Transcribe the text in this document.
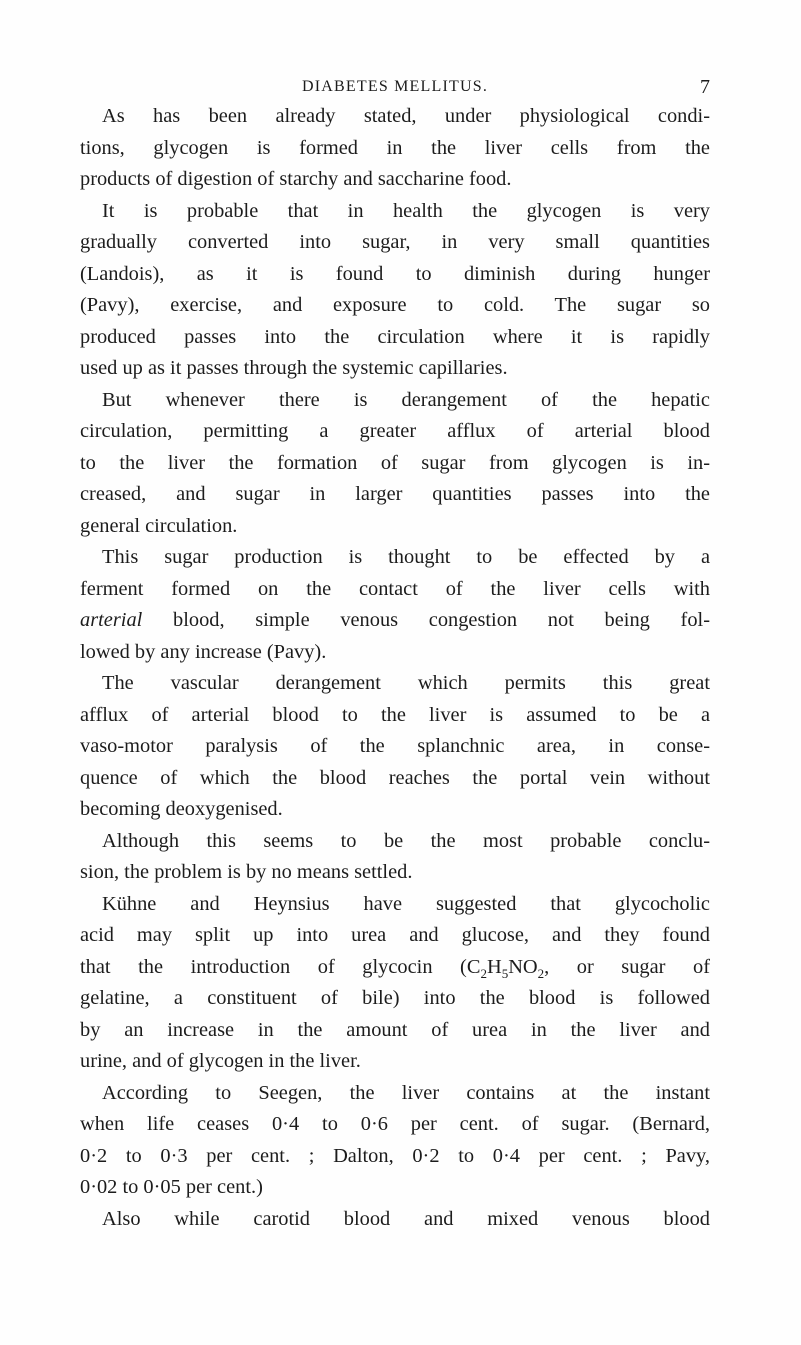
DIABETES MELLITUS.	7
As has been already stated, under physiological condi-
tions, glycogen is formed in the liver cells from the
products of digestion of starchy and saccharine food.
It is probable that in health the glycogen is very
gradually converted into sugar, in very small quantities
(Landois), as it is found to diminish during hunger
(Pavy), exercise, and exposure to cold. The sugar so
produced passes into the circulation where it is rapidly
used up as it passes through the systemic capillaries.
But whenever there is derangement of the hepatic
circulation, permitting a greater afflux of arterial blood
to the liver the formation of sugar from glycogen is in-
creased, and sugar in larger quantities passes into the
general circulation.
This sugar production is thought to be effected by a
ferment formed on the contact of the liver cells with
arterial blood, simple venous congestion not being fol-
lowed by any increase (Pavy).
The vascular derangement which permits this great
afflux of arterial blood to the liver is assumed to be a
vaso-motor paralysis of the splanchnic area, in conse-
quence of which the blood reaches the portal vein without
becoming deoxygenised.
Although this seems to be the most probable conclu-
sion, the problem is by no means settled.
Kühne and Heynsius have suggested that glycocholic
acid may split up into urea and glucose, and they found
that the introduction of glycocin ($C_2H_5NO_2$, or sugar of
gelatine, a constituent of bile) into the blood is followed
by an increase in the amount of urea in the liver and
urine, and of glycogen in the liver.
According to Seegen, the liver contains at the instant
when life ceases 0·4 to 0·6 per cent. of sugar. (Bernard,
0·2 to 0·3 per cent. ; Dalton, 0·2 to 0·4 per cent. ; Pavy,
0·02 to 0·05 per cent.)
Also while carotid blood and mixed venous blood
